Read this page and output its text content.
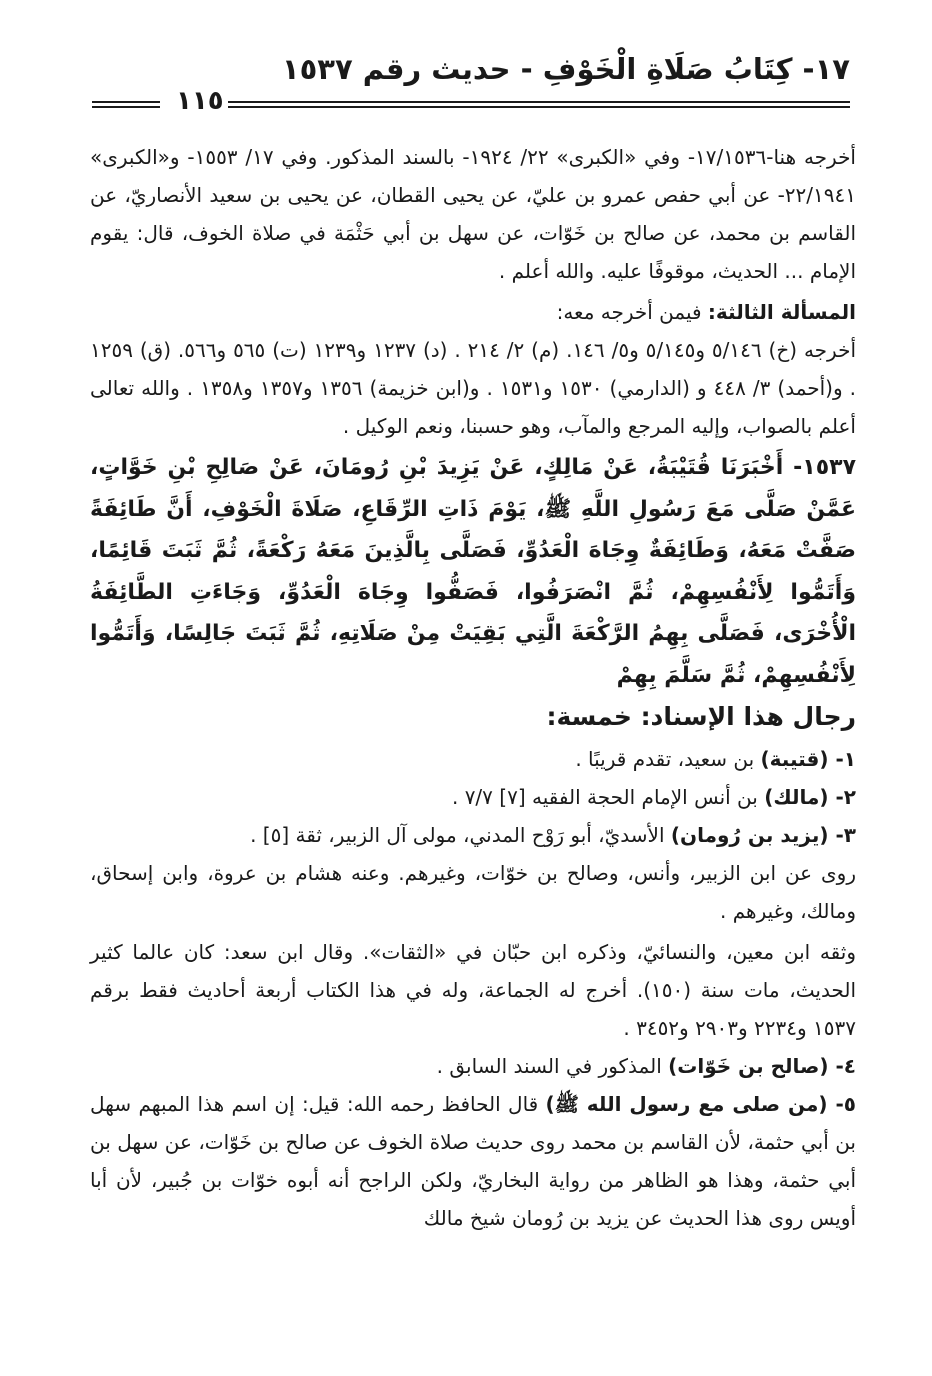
١٧- كِتَابُ صَلَاةِ الْخَوْفِ - حديث رقم ١٥٣٧
١١٥

أخرجه هنا-١٧/١٥٣٦- وفي «الكبرى» ٢٢/ ١٩٢٤- بالسند المذكور. وفي ١٧/ ١٥٥٣- و«الكبرى» ٢٢/١٩٤١- عن أبي حفص عمرو بن عليّ، عن يحيى القطان، عن يحيى بن سعيد الأنصاريّ، عن القاسم بن محمد، عن صالح بن خَوّات، عن سهل بن أبي حَثْمَة في صلاة الخوف، قال: يقوم الإمام ... الحديث، موقوفًا عليه. والله أعلم .

المسألة الثالثة: فيمن أخرجه معه:

أخرجه (خ) ٥/١٤٦ و٥/١٤٥ و٥/ ١٤٦. (م) ٢/ ٢١٤ . (د) ١٢٣٧ و١٢٣٩ (ت) ٥٦٥ و٥٦٦. (ق) ١٢٥٩ . و(أحمد) ٣/ ٤٤٨ و (الدارمي) ١٥٣٠ و١٥٣١ . و(ابن خزيمة) ١٣٥٦ و١٣٥٧ و١٣٥٨ . والله تعالى أعلم بالصواب، وإليه المرجع والمآب، وهو حسبنا، ونعم الوكيل .

١٥٣٧- أَخْبَرَنَا قُتَيْبَةُ، عَنْ مَالِكٍ، عَنْ يَزِيدَ بْنِ رُومَانَ، عَنْ صَالِحِ بْنِ خَوَّاتٍ، عَمَّنْ صَلَّى مَعَ رَسُولِ اللَّهِ ﷺ، يَوْمَ ذَاتِ الرِّقَاعِ، صَلَاةَ الْخَوْفِ، أَنَّ طَائِفَةً صَفَّتْ مَعَهُ، وَطَائِفَةٌ وِجَاهَ الْعَدُوِّ، فَصَلَّى بِالَّذِينَ مَعَهُ رَكْعَةً، ثُمَّ ثَبَتَ قَائِمًا، وَأَتَمُّوا لِأَنْفُسِهِمْ، ثُمَّ انْصَرَفُوا، فَصَفُّوا وِجَاهَ الْعَدُوِّ، وَجَاءَتِ الطَّائِفَةُ الْأُخْرَى، فَصَلَّى بِهِمُ الرَّكْعَةَ الَّتِي بَقِيَتْ مِنْ صَلَاتِهِ، ثُمَّ ثَبَتَ جَالِسًا، وَأَتَمُّوا لِأَنْفُسِهِمْ، ثُمَّ سَلَّمَ بِهِمْ

رجال هذا الإسناد: خمسة:

١- (قتيبة) بن سعيد، تقدم قريبًا .

٢- (مالك) بن أنس الإمام الحجة الفقيه [٧] ٧/٧ .

٣- (يزيد بن رُومان) الأسديّ، أبو رَوْح المدني، مولى آل الزبير، ثقة [٥] .

روى عن ابن الزبير، وأنس، وصالح بن خوّات، وغيرهم. وعنه هشام بن عروة، وابن إسحاق، ومالك، وغيرهم .

وثقه ابن معين، والنسائيّ، وذكره ابن حبّان في «الثقات». وقال ابن سعد: كان عالما كثير الحديث، مات سنة (١٥٠). أخرج له الجماعة، وله في هذا الكتاب أربعة أحاديث فقط برقم ١٥٣٧ و٢٢٣٤ و٢٩٠٣ و٣٤٥٢ .

٤- (صالح بن خَوّات) المذكور في السند السابق .

٥- (من صلى مع رسول الله ﷺ) قال الحافظ رحمه الله: قيل: إن اسم هذا المبهم سهل بن أبي حثمة، لأن القاسم بن محمد روى حديث صلاة الخوف عن صالح بن خَوّات، عن سهل بن أبي حثمة، وهذا هو الظاهر من رواية البخاريّ، ولكن الراجح أنه أبوه خوّات بن جُبير، لأن أبا أويس روى هذا الحديث عن يزيد بن رُومان شيخ مالك
